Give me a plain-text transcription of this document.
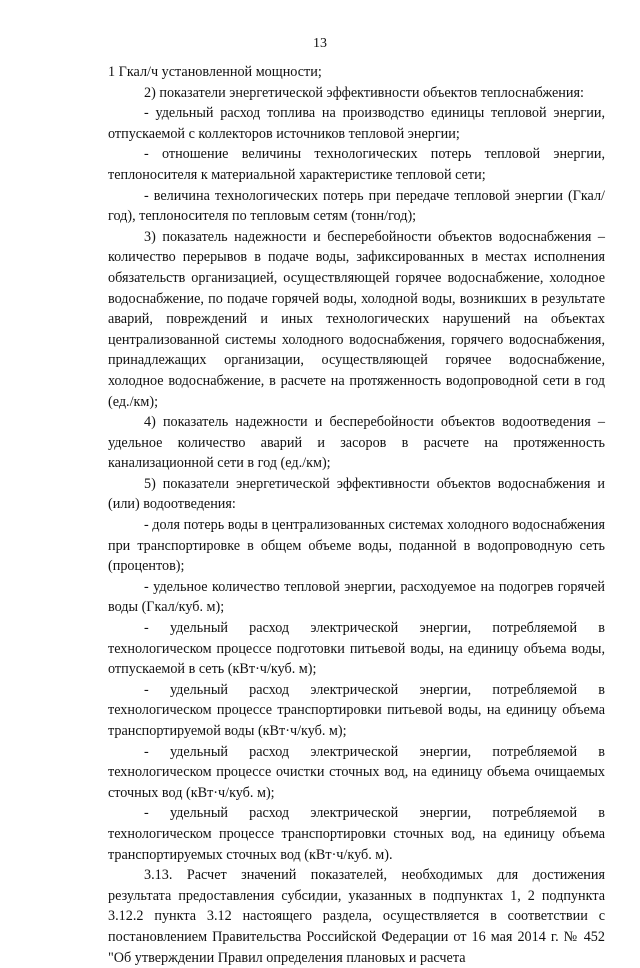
13

1 Гкал/ч установленной мощности;

2) показатели энергетической эффективности объектов теплоснабжения:

- удельный расход топлива на производство единицы тепловой энергии, отпускаемой с коллекторов источников тепловой энергии;

- отношение величины технологических потерь тепловой энергии, теплоносителя к материальной характеристике тепловой сети;

- величина технологических потерь при передаче тепловой энергии (Гкал/год), теплоносителя по тепловым сетям (тонн/год);

3) показатель надежности и бесперебойности объектов водоснабжения – количество перерывов в подаче воды, зафиксированных в местах исполнения обязательств организацией, осуществляющей горячее водоснабжение, холодное водоснабжение, по подаче горячей воды, холодной воды, возникших в результате аварий, повреждений и иных технологических нарушений на объектах централизованной системы холодного водоснабжения, горячего водоснабжения, принадлежащих организации, осуществляющей горячее водоснабжение, холодное водоснабжение, в расчете на протяженность водопроводной сети в год (ед./км);

4) показатель надежности и бесперебойности объектов водоотведения – удельное количество аварий и засоров в расчете на протяженность канализационной сети в год (ед./км);

5) показатели энергетической эффективности объектов водоснабжения и (или) водоотведения:

- доля потерь воды в централизованных системах холодного водоснабжения при транспортировке в общем объеме воды, поданной в водопроводную сеть (процентов);

- удельное количество тепловой энергии, расходуемое на подогрев горячей воды (Гкал/куб. м);

- удельный расход электрической энергии, потребляемой в технологическом процессе подготовки питьевой воды, на единицу объема воды, отпускаемой в сеть (кВт·ч/куб. м);

- удельный расход электрической энергии, потребляемой в технологическом процессе транспортировки питьевой воды, на единицу объема транспортируемой воды (кВт·ч/куб. м);

- удельный расход электрической энергии, потребляемой в технологическом процессе очистки сточных вод, на единицу объема очищаемых сточных вод (кВт·ч/куб. м);

- удельный расход электрической энергии, потребляемой в технологическом процессе транспортировки сточных вод, на единицу объема транспортируемых сточных вод (кВт·ч/куб. м).

3.13. Расчет значений показателей, необходимых для достижения результата предоставления субсидии, указанных в подпунктах 1, 2 подпункта 3.12.2 пункта 3.12 настоящего раздела, осуществляется в соответствии с постановлением Правительства Российской Федерации от 16 мая 2014 г. № 452 "Об утверждении Правил определения плановых и расчета
